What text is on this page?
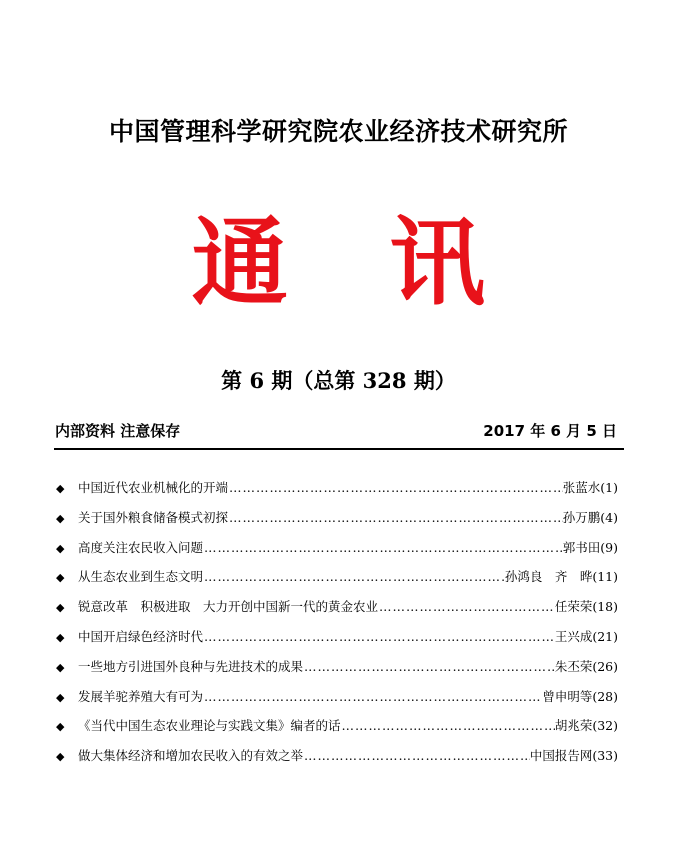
中国管理科学研究院农业经济技术研究所
通 讯
第 6 期（总第 328 期）
内部资料 注意保存	2017 年 6 月 5 日
◆	中国近代农业机械化的开端 …………………………………………………………………………………………………………………………………………………………	张蓝水 (1)
◆	关于国外粮食储备模式初探 …………………………………………………………………………………………………………………………………………………………	孙万鹏 (4)
◆	高度关注农民收入问题 …………………………………………………………………………………………………………………………………………………………	郭书田 (9)
◆	从生态农业到生态文明 …………………………………………………………………………………………………………………………………………………………	孙鸿良　齐　晔 (11)
◆	锐意改革　积极进取　大力开创中国新一代的黄金农业 …………………………………………………………………………………………………………………………………………………………	任荣荣 (18)
◆	中国开启绿色经济时代 …………………………………………………………………………………………………………………………………………………………	王兴成 (21)
◆	一些地方引进国外良种与先进技术的成果 …………………………………………………………………………………………………………………………………………………………	朱丕荣 (26)
◆	发展羊驼养殖大有可为 …………………………………………………………………………………………………………………………………………………………	曾申明等 (28)
◆	《当代中国生态农业理论与实践文集》编者的话 …………………………………………………………………………………………………………………………………………………………	胡兆荣 (32)
◆	做大集体经济和增加农民收入的有效之举 …………………………………………………………………………………………………………………………………………………………	中国报告网 (33)
